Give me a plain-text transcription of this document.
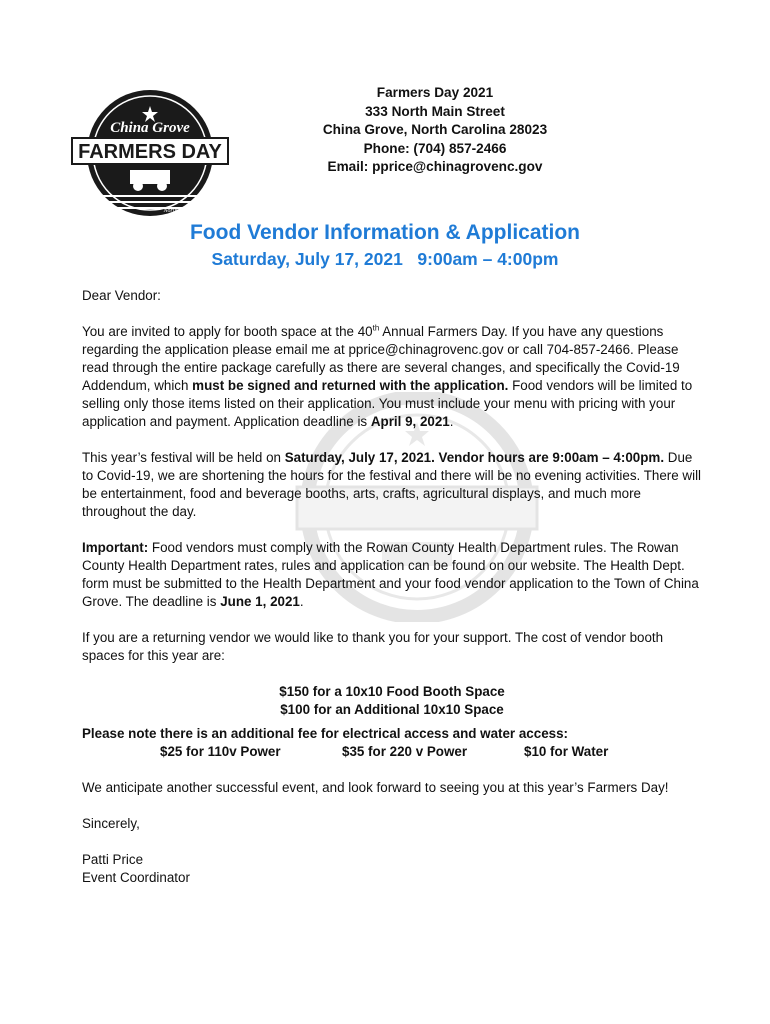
China Grove
FARMERS DAY
North Carolina
Farmers Day 2021
333 North Main Street
China Grove, North Carolina 28023
Phone: (704) 857-2466
Email: pprice@chinagrovenc.gov
Food Vendor Information & Application
Saturday, July 17, 2021   9:00am – 4:00pm

Dear Vendor:

You are invited to apply for booth space at the 40th Annual Farmers Day. If you have any questions regarding the application please email me at pprice@chinagrovenc.gov or call 704-857-2466. Please read through the entire package carefully as there are several changes, and specifically the Covid-19 Addendum, which must be signed and returned with the application. Food vendors will be limited to selling only those items listed on their application. You must include your menu with pricing with your application and payment. Application deadline is April 9, 2021.

This year’s festival will be held on Saturday, July 17, 2021. Vendor hours are 9:00am – 4:00pm. Due to Covid-19, we are shortening the hours for the festival and there will be no evening activities. There will be entertainment, food and beverage booths, arts, crafts, agricultural displays, and much more throughout the day.

Important: Food vendors must comply with the Rowan County Health Department rules. The Rowan County Health Department rates, rules and application can be found on our website. The Health Dept. form must be submitted to the Health Department and your food vendor application to the Town of China Grove. The deadline is June 1, 2021.

If you are a returning vendor we would like to thank you for your support. The cost of vendor booth spaces for this year are:

$150 for a 10x10 Food Booth Space

$100 for an Additional 10x10 Space

Please note there is an additional fee for electrical access and water access:

$25 for 110v Power	$35 for 220 v Power	$10 for Water

We anticipate another successful event, and look forward to seeing you at this year’s Farmers Day!

Sincerely,

Patti Price

Event Coordinator
